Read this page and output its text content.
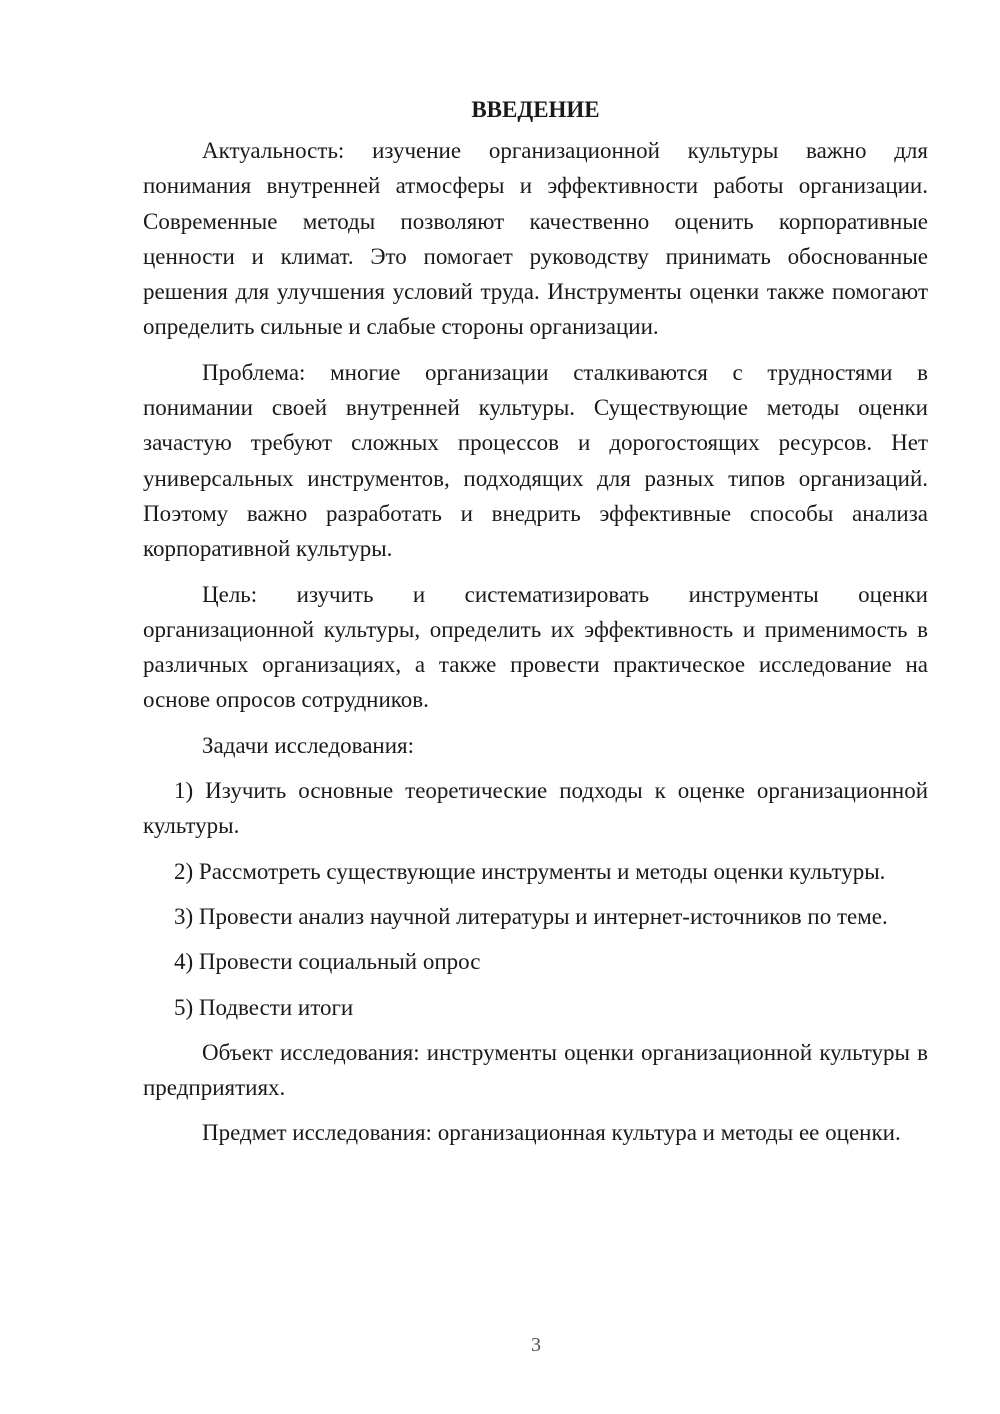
ВВЕДЕНИЕ

Актуальность: изучение организационной культуры важно для понимания внутренней атмосферы и эффективности работы организации. Современные методы позволяют качественно оценить корпоративные ценности и климат. Это помогает руководству принимать обоснованные решения для улучшения условий труда. Инструменты оценки также помогают определить сильные и слабые стороны организации.

Проблема: многие организации сталкиваются с трудностями в понимании своей внутренней культуры. Существующие методы оценки зачастую требуют сложных процессов и дорогостоящих ресурсов. Нет универсальных инструментов, подходящих для разных типов организаций. Поэтому важно разработать и внедрить эффективные способы анализа корпоративной культуры.

Цель: изучить и систематизировать инструменты оценки организационной культуры, определить их эффективность и применимость в различных организациях, а также провести практическое исследование на основе опросов сотрудников.

Задачи исследования:

1) Изучить основные теоретические подходы к оценке организационной культуры.

2) Рассмотреть существующие инструменты и методы оценки культуры.

3) Провести анализ научной литературы и интернет-источников по теме.

4) Провести социальный опрос

5) Подвести итоги

Объект исследования: инструменты оценки организационной культуры в предприятиях.

Предмет исследования: организационная культура и методы ее оценки.

3
